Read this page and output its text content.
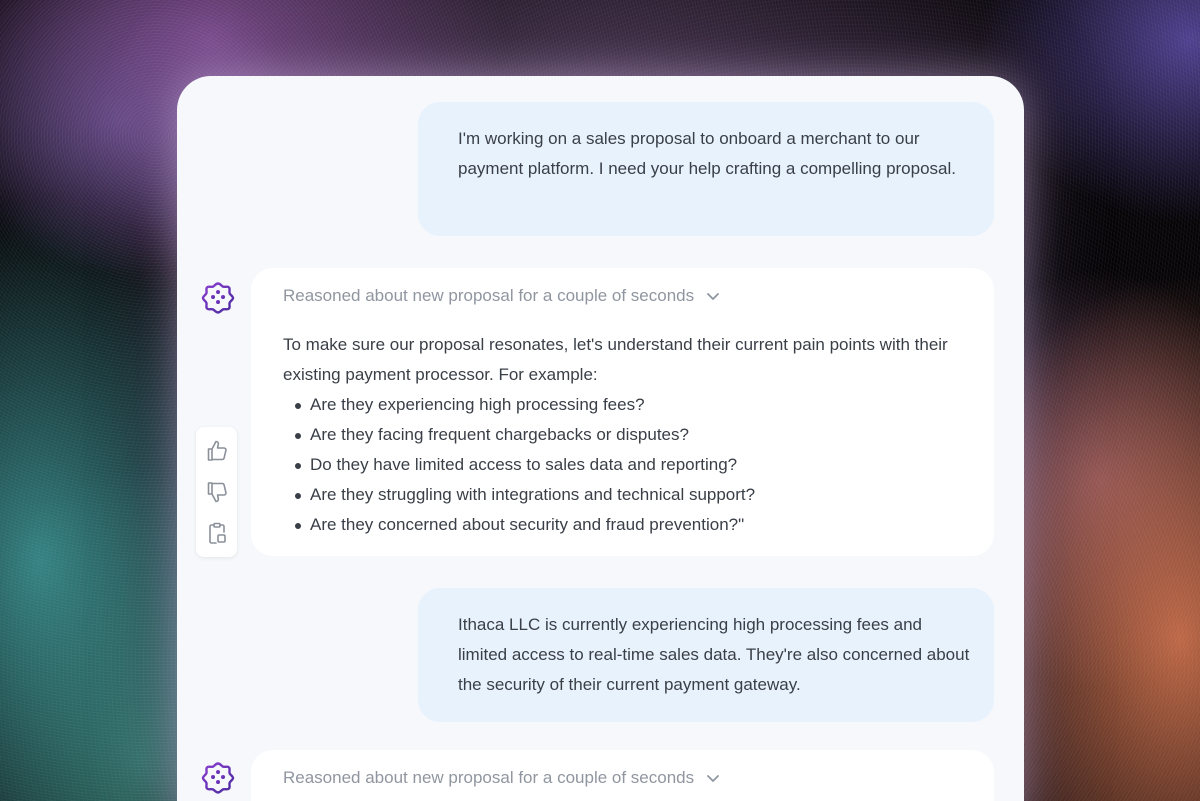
I'm working on a sales proposal to onboard a merchant to our payment platform. I need your help crafting a compelling proposal.
Reasoned about new proposal for a couple of seconds
To make sure our proposal resonates, let's understand their current pain points with their existing payment processor. For example:
Are they experiencing high processing fees?
Are they facing frequent chargebacks or disputes?
Do they have limited access to sales data and reporting?
Are they struggling with integrations and technical support?
Are they concerned about security and fraud prevention?"
Ithaca LLC is currently experiencing high processing fees and limited access to real-time sales data. They're also concerned about the security of their current payment gateway.
Reasoned about new proposal for a couple of seconds
